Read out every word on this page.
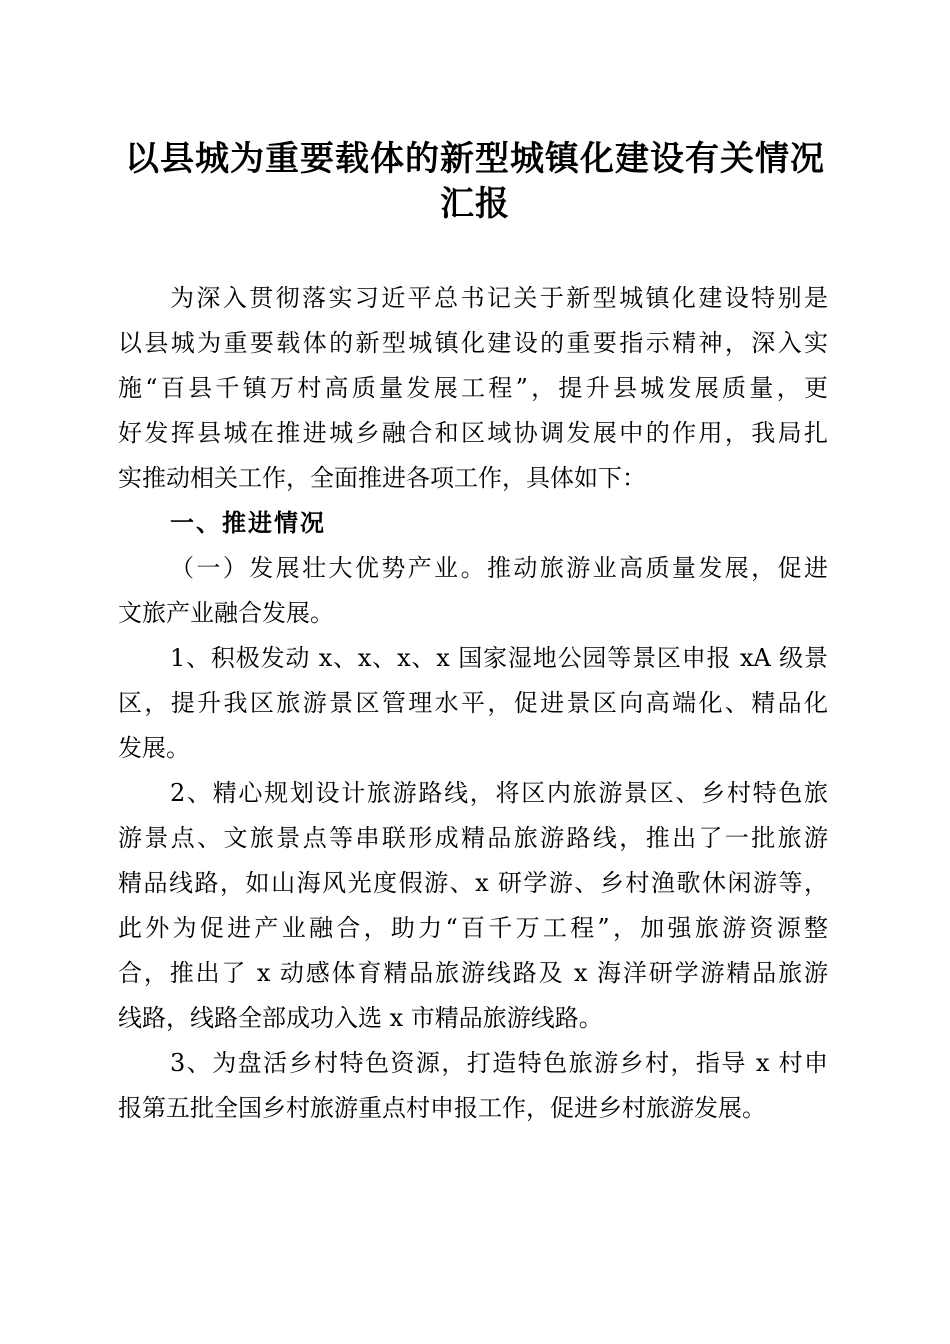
以县城为重要载体的新型城镇化建设有关情况
汇报
为深入贯彻落实习近平总书记关于新型城镇化建设特别是
以县城为重要载体的新型城镇化建设的重要指示精神，深入实
施“百县千镇万村高质量发展工程”，提升县城发展质量，更
好发挥县城在推进城乡融合和区域协调发展中的作用，我局扎
实推动相关工作，全面推进各项工作，具体如下：
一、推进情况
（一）发展壮大优势产业。推动旅游业高质量发展，促进
文旅产业融合发展。
1、积极发动 x、x、x、x 国家湿地公园等景区申报 xA 级景
区，提升我区旅游景区管理水平，促进景区向高端化、精品化
发展。
2、精心规划设计旅游路线，将区内旅游景区、乡村特色旅
游景点、文旅景点等串联形成精品旅游路线，推出了一批旅游
精品线路，如山海风光度假游、x 研学游、乡村渔歌休闲游等，
此外为促进产业融合，助力“百千万工程”，加强旅游资源整
合，推出了 x 动感体育精品旅游线路及 x 海洋研学游精品旅游
线路，线路全部成功入选 x 市精品旅游线路。
3、为盘活乡村特色资源，打造特色旅游乡村，指导 x 村申
报第五批全国乡村旅游重点村申报工作，促进乡村旅游发展。
